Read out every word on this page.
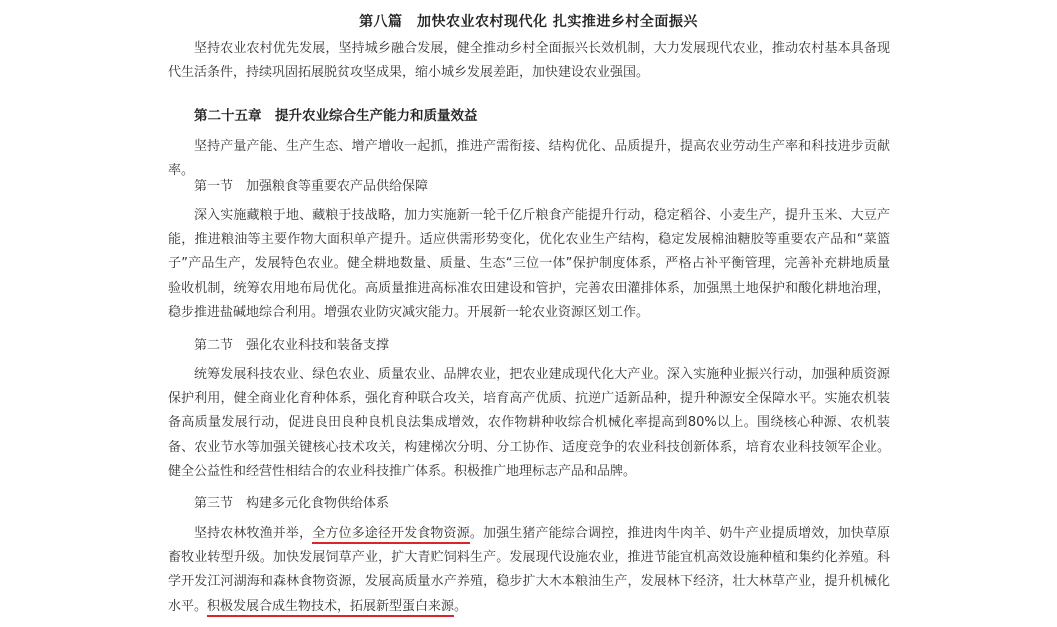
第八篇　加快农业农村现代化 扎实推进乡村全面振兴
坚持农业农村优先发展，坚持城乡融合发展，健全推动乡村全面振兴长效机制，大力发展现代农业，推动农村基本具备现代生活条件，持续巩固拓展脱贫攻坚成果，缩小城乡发展差距，加快建设农业强国。
第二十五章　提升农业综合生产能力和质量效益
坚持产量产能、生产生态、增产增收一起抓，推进产需衔接、结构优化、品质提升，提高农业劳动生产率和科技进步贡献率。
第一节　加强粮食等重要农产品供给保障
深入实施藏粮于地、藏粮于技战略，加力实施新一轮千亿斤粮食产能提升行动，稳定稻谷、小麦生产，提升玉米、大豆产能，推进粮油等主要作物大面积单产提升。适应供需形势变化，优化农业生产结构，稳定发展棉油糖胶等重要农产品和“菜篮子”产品生产，发展特色农业。健全耕地数量、质量、生态“三位一体”保护制度体系，严格占补平衡管理，完善补充耕地质量验收机制，统筹农用地布局优化。高质量推进高标准农田建设和管护，完善农田灌排体系，加强黑土地保护和酸化耕地治理，稳步推进盐碱地综合利用。增强农业防灾减灾能力。开展新一轮农业资源区划工作。
第二节　强化农业科技和装备支撑
统筹发展科技农业、绿色农业、质量农业、品牌农业，把农业建成现代化大产业。深入实施种业振兴行动，加强种质资源保护利用，健全商业化育种体系，强化育种联合攻关，培育高产优质、抗逆广适新品种，提升种源安全保障水平。实施农机装备高质量发展行动，促进良田良种良机良法集成增效，农作物耕种收综合机械化率提高到80%以上。围绕核心种源、农机装备、农业节水等加强关键核心技术攻关，构建梯次分明、分工协作、适度竞争的农业科技创新体系，培育农业科技领军企业。健全公益性和经营性相结合的农业科技推广体系。积极推广地理标志产品和品牌。
第三节　构建多元化食物供给体系
坚持农林牧渔并举，全方位多途径开发食物资源。加强生猪产能综合调控，推进肉牛肉羊、奶牛产业提质增效，加快草原畜牧业转型升级。加快发展饲草产业，扩大青贮饲料生产。发展现代设施农业，推进节能宜机高效设施种植和集约化养殖。科学开发江河湖海和森林食物资源，发展高质量水产养殖，稳步扩大木本粮油生产，发展林下经济，壮大林草产业，提升机械化水平。积极发展合成生物技术，拓展新型蛋白来源。
